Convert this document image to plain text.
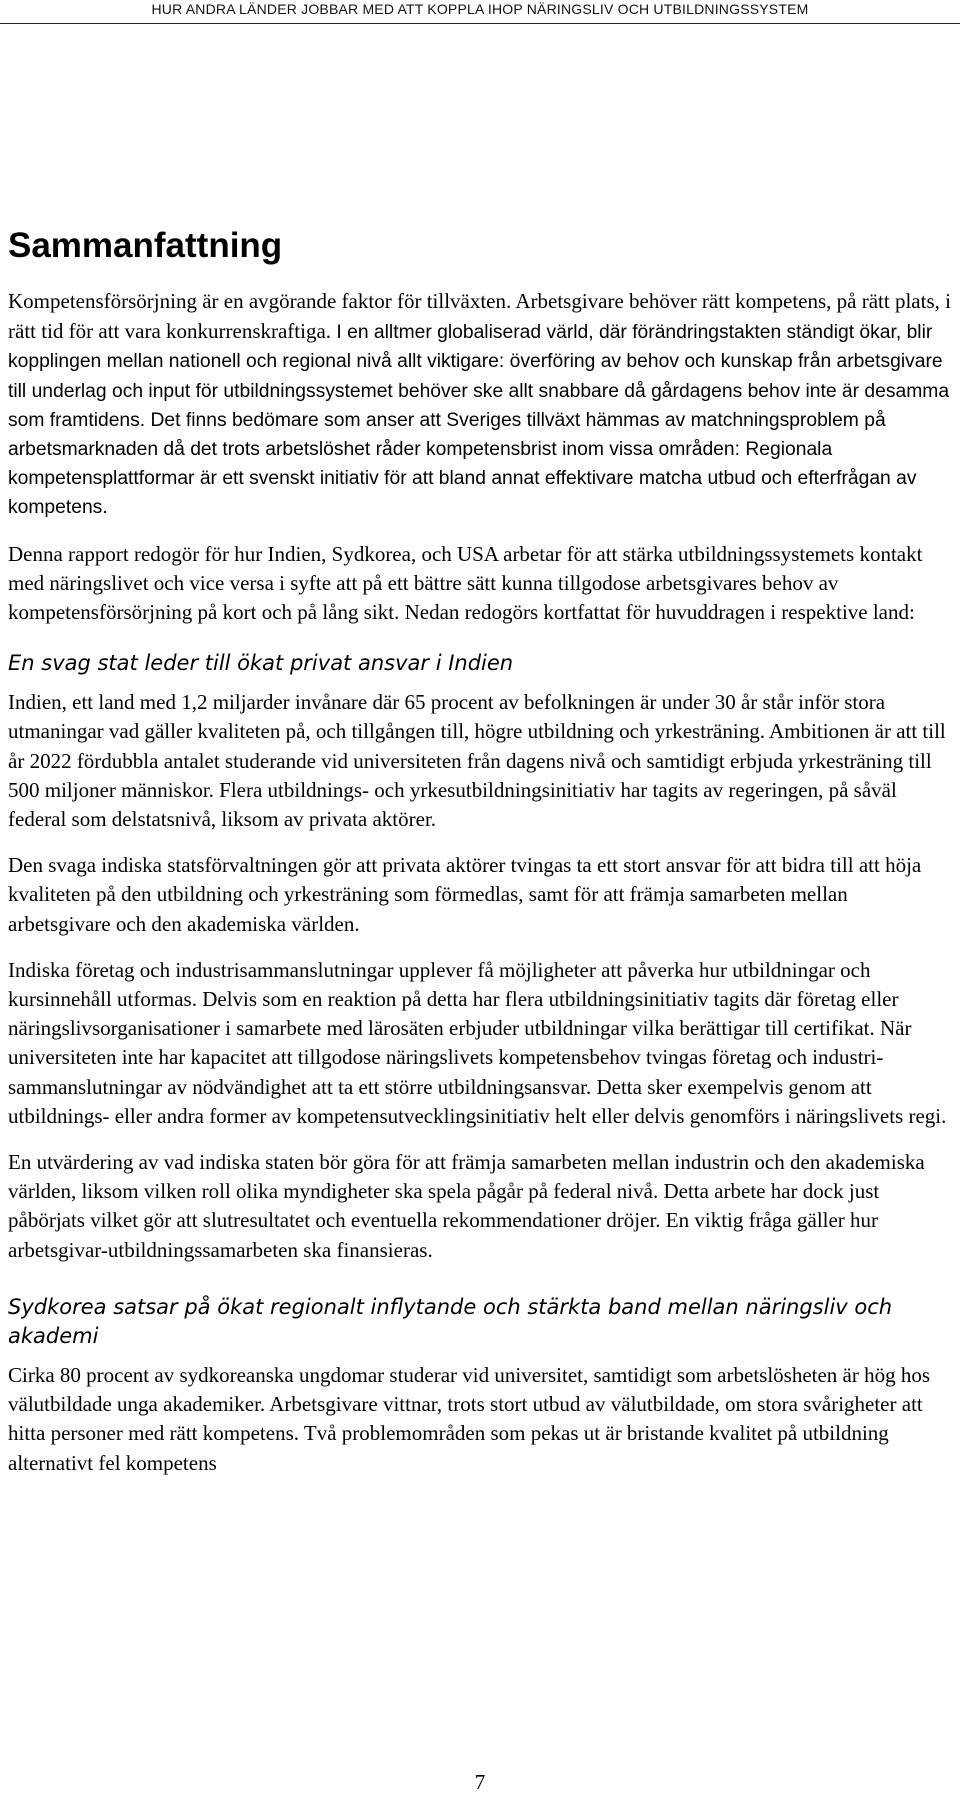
HUR ANDRA LÄNDER JOBBAR MED ATT KOPPLA IHOP NÄRINGSLIV OCH UTBILDNINGSSYSTEM
Sammanfattning

Kompetensförsörjning är en avgörande faktor för tillväxten. Arbetsgivare behöver rätt kompetens, på rätt plats, i rätt tid för att vara konkurrenskraftiga. I en alltmer globaliserad värld, där förändringstakten ständigt ökar, blir kopplingen mellan nationell och regional nivå allt viktigare: överföring av behov och kunskap från arbetsgivare till underlag och input för utbildningssystemet behöver ske allt snabbare då gårdagens behov inte är desamma som framtidens. Det finns bedömare som anser att Sveriges tillväxt hämmas av matchningsproblem på arbetsmarknaden då det trots arbetslöshet råder kompetensbrist inom vissa områden: Regionala kompetensplattformar är ett svenskt initiativ för att bland annat effektivare matcha utbud och efterfrågan av kompetens.

Denna rapport redogör för hur Indien, Sydkorea, och USA arbetar för att stärka utbildningssystemets kontakt med näringslivet och vice versa i syfte att på ett bättre sätt kunna tillgodose arbetsgivares behov av kompetensförsörjning på kort och på lång sikt. Nedan redogörs kortfattat för huvuddragen i respektive land:

En svag stat leder till ökat privat ansvar i Indien

Indien, ett land med 1,2 miljarder invånare där 65 procent av befolkningen är under 30 år står inför stora utmaningar vad gäller kvaliteten på, och tillgången till, högre utbildning och yrkesträning. Ambitionen är att till år 2022 fördubbla antalet studerande vid universiteten från dagens nivå och samtidigt erbjuda yrkesträning till 500 miljoner människor. Flera utbildnings- och yrkesutbildningsinitiativ har tagits av regeringen, på såväl federal som delstatsnivå, liksom av privata aktörer.

Den svaga indiska statsförvaltningen gör att privata aktörer tvingas ta ett stort ansvar för att bidra till att höja kvaliteten på den utbildning och yrkesträning som förmedlas, samt för att främja samarbeten mellan arbetsgivare och den akademiska världen.

Indiska företag och industrisammanslutningar upplever få möjligheter att påverka hur utbildningar och kursinnehåll utformas. Delvis som en reaktion på detta har flera utbildningsinitiativ tagits där företag eller näringslivsorganisationer i samarbete med lärosäten erbjuder utbildningar vilka berättigar till certifikat. När universiteten inte har kapacitet att tillgodose näringslivets kompetensbehov tvingas företag och industri-sammanslutningar av nödvändighet att ta ett större utbildningsansvar. Detta sker exempelvis genom att utbildnings- eller andra former av kompetensutvecklingsinitiativ helt eller delvis genomförs i näringslivets regi.

En utvärdering av vad indiska staten bör göra för att främja samarbeten mellan industrin och den akademiska världen, liksom vilken roll olika myndigheter ska spela pågår på federal nivå. Detta arbete har dock just påbörjats vilket gör att slutresultatet och eventuella rekommendationer dröjer. En viktig fråga gäller hur arbetsgivar-utbildningssamarbeten ska finansieras.

Sydkorea satsar på ökat regionalt inflytande och stärkta band mellan näringsliv och akademi

Cirka 80 procent av sydkoreanska ungdomar studerar vid universitet, samtidigt som arbetslösheten är hög hos välutbildade unga akademiker. Arbetsgivare vittnar, trots stort utbud av välutbildade, om stora svårigheter att hitta personer med rätt kompetens. Två problemområden som pekas ut är bristande kvalitet på utbildning alternativt fel kompetens

7
